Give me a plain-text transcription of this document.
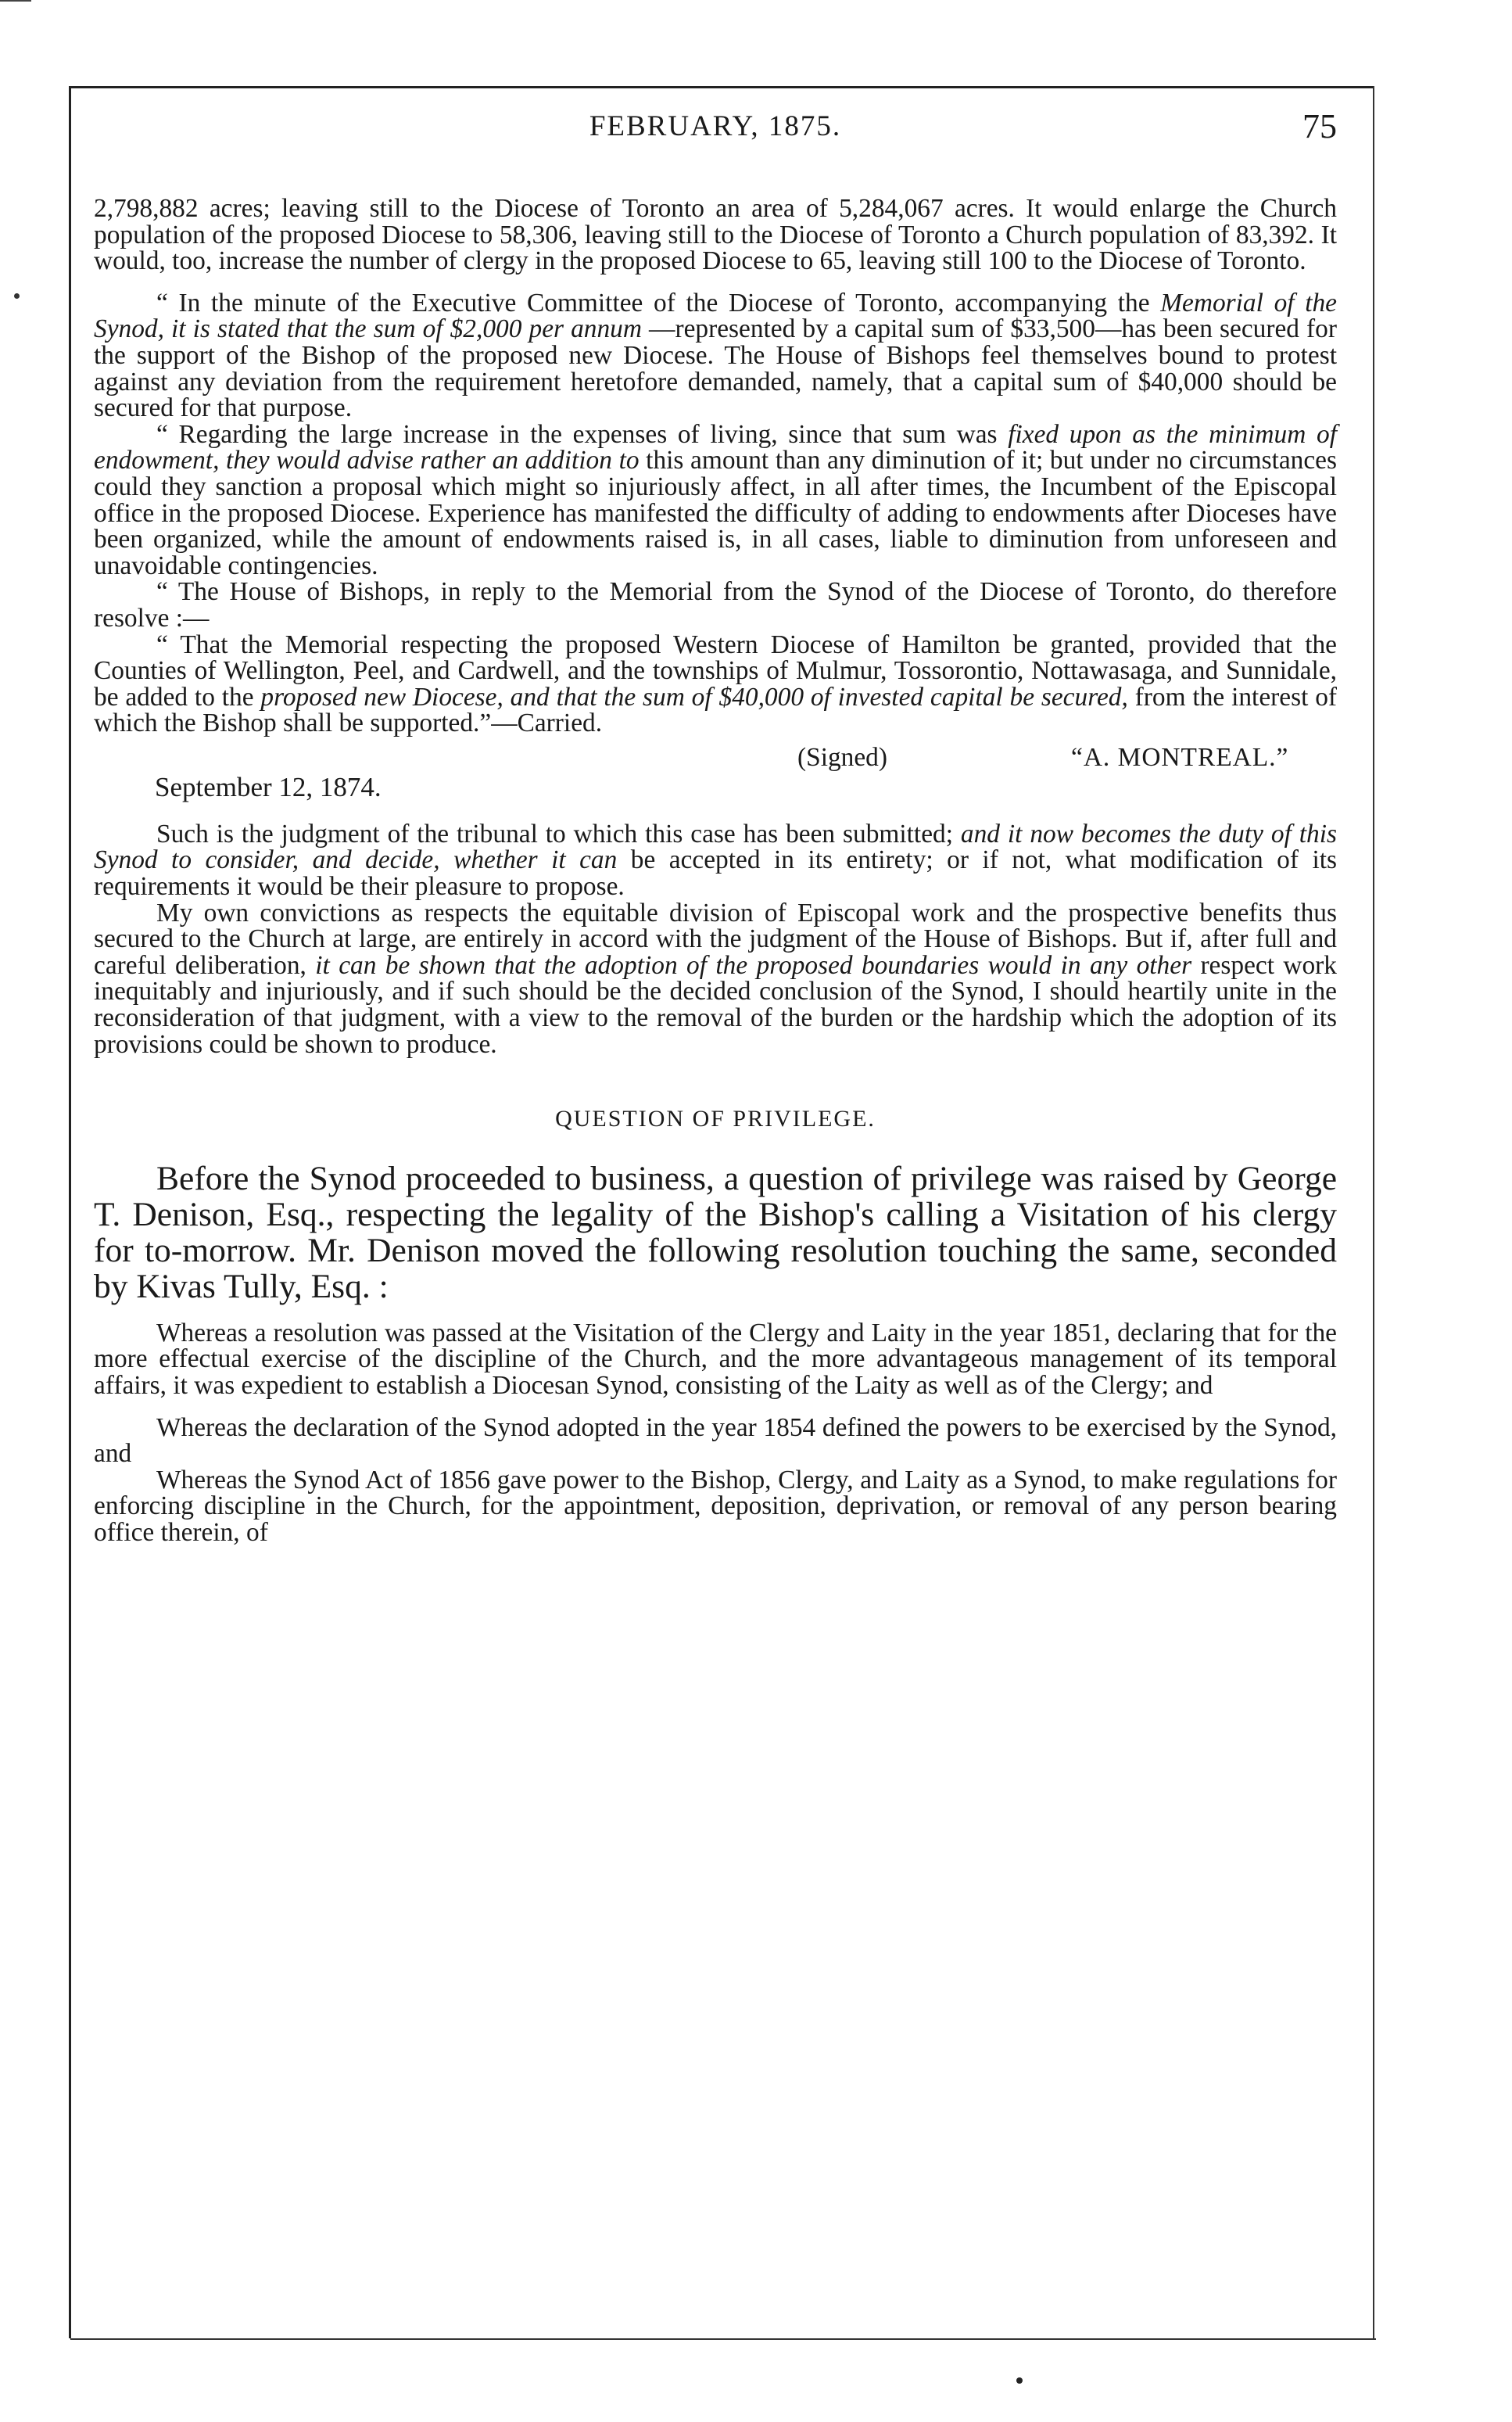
FEBRUARY, 1875.	75

2,798,882 acres; leaving still to the Diocese of Toronto an area of 5,284,067 acres. It would enlarge the Church population of the proposed Diocese to 58,306, leaving still to the Diocese of Toronto a Church population of 83,392. It would, too, increase the number of clergy in the proposed Diocese to 65, leaving still 100 to the Diocese of Toronto.

“ In the minute of the Executive Committee of the Diocese of Toronto, accompanying the Memorial of the Synod, it is stated that the sum of $2,000 per annum —represented by a capital sum of $33,500—has been secured for the support of the Bishop of the proposed new Diocese. The House of Bishops feel themselves bound to protest against any deviation from the requirement heretofore demanded, namely, that a capital sum of $40,000 should be secured for that purpose.

“ Regarding the large increase in the expenses of living, since that sum was fixed upon as the minimum of endowment, they would advise rather an addition to this amount than any diminution of it; but under no circumstances could they sanction a proposal which might so injuriously affect, in all after times, the Incumbent of the Episcopal office in the proposed Diocese. Experience has manifested the difficulty of adding to endowments after Dioceses have been organized, while the amount of endowments raised is, in all cases, liable to diminution from unforeseen and unavoidable contingencies.

“ The House of Bishops, in reply to the Memorial from the Synod of the Diocese of Toronto, do therefore resolve :—

“ That the Memorial respecting the proposed Western Diocese of Hamilton be granted, provided that the Counties of Wellington, Peel, and Cardwell, and the townships of Mulmur, Tossorontio, Nottawasaga, and Sunnidale, be added to the proposed new Diocese, and that the sum of $40,000 of invested capital be secured, from the interest of which the Bishop shall be supported.”—Carried.

(Signed)	“A. MONTREAL.”
September 12, 1874.

Such is the judgment of the tribunal to which this case has been submitted; and it now becomes the duty of this Synod to consider, and decide, whether it can be accepted in its entirety; or if not, what modification of its requirements it would be their pleasure to propose.

My own convictions as respects the equitable division of Episcopal work and the prospective benefits thus secured to the Church at large, are entirely in accord with the judgment of the House of Bishops. But if, after full and careful deliberation, it can be shown that the adoption of the proposed boundaries would in any other respect work inequitably and injuriously, and if such should be the decided conclusion of the Synod, I should heartily unite in the reconsideration of that judgment, with a view to the removal of the burden or the hardship which the adoption of its provisions could be shown to produce.

QUESTION OF PRIVILEGE.

Before the Synod proceeded to business, a question of privilege was raised by George T. Denison, Esq., respecting the legality of the Bishop's calling a Visitation of his clergy for to-morrow. Mr. Denison moved the following resolution touching the same, seconded by Kivas Tully, Esq. :

Whereas a resolution was passed at the Visitation of the Clergy and Laity in the year 1851, declaring that for the more effectual exercise of the discipline of the Church, and the more advantageous management of its temporal affairs, it was expedient to establish a Diocesan Synod, consisting of the Laity as well as of the Clergy; and

Whereas the declaration of the Synod adopted in the year 1854 defined the powers to be exercised by the Synod, and

Whereas the Synod Act of 1856 gave power to the Bishop, Clergy, and Laity as a Synod, to make regulations for enforcing discipline in the Church, for the appointment, deposition, deprivation, or removal of any person bearing office therein, of
